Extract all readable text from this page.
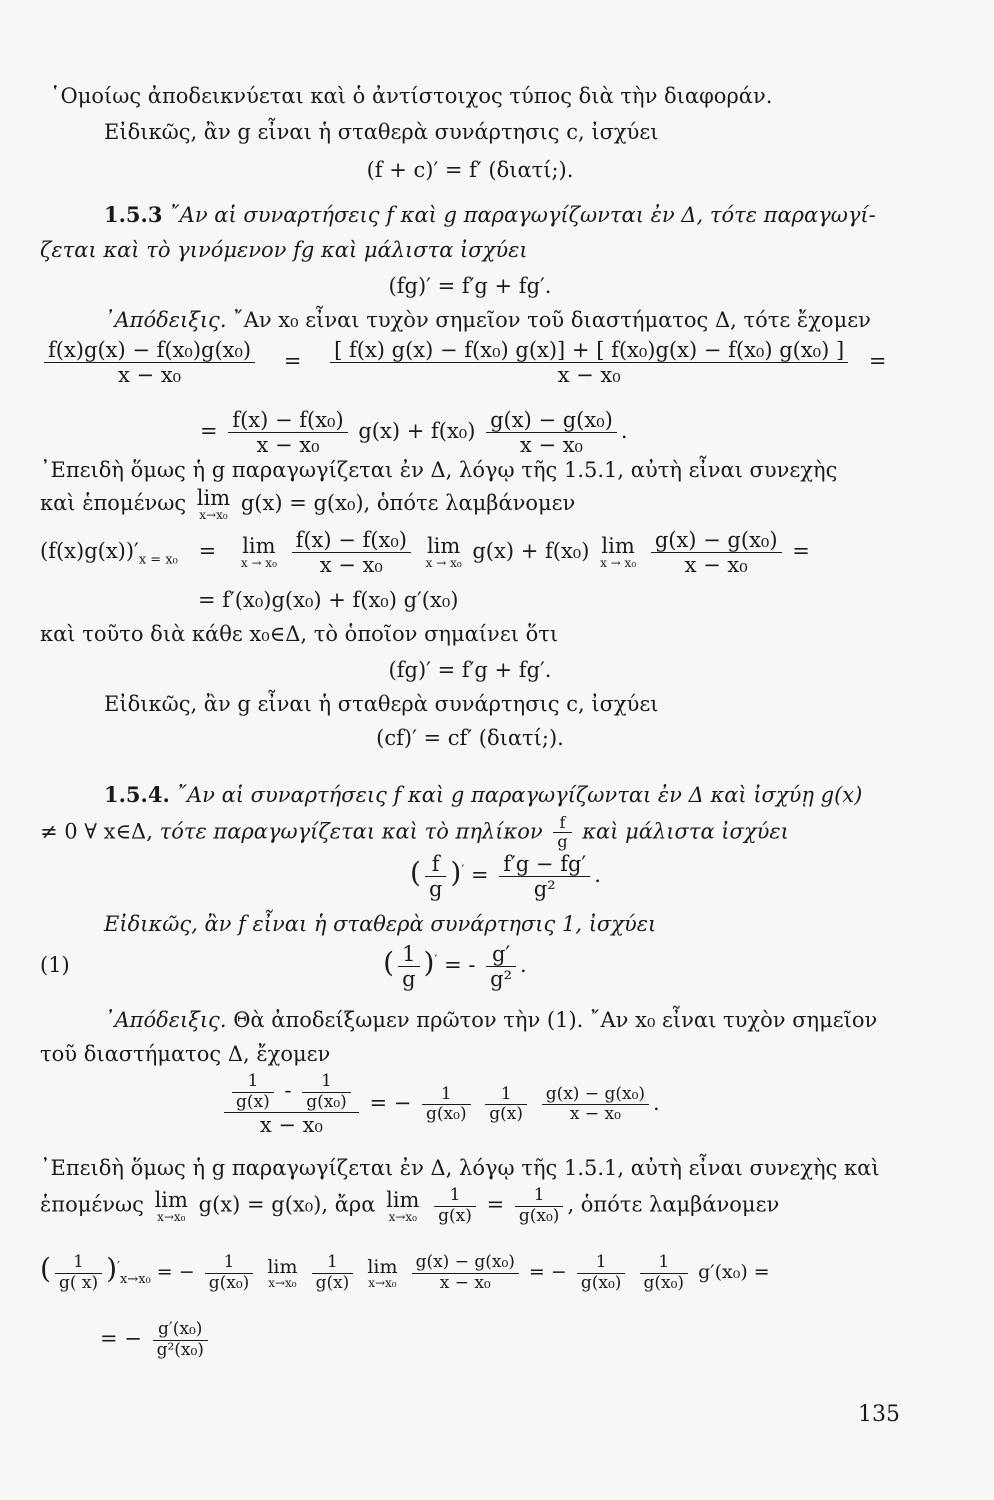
῾Ομοίως ἀποδεικνύεται καὶ ὁ ἀντίστοιχος τύπος διὰ τὴν διαφοράν.
Εἰδικῶς, ἂν g εἶναι ἡ σταθερὰ συνάρτησις c, ἰσχύει
(f + c)′ = f′ (διατί;).
1.5.3 ῎Αν αἱ συναρτήσεις f καὶ g παραγωγίζωνται ἐν Δ, τότε παραγωγί-
ζεται καὶ τὸ γινόμενον fg καὶ μάλιστα ἰσχύει
(fg)′ = f′g + fg′.
᾿Απόδειξις. ῎Αν x₀ εἶναι τυχὸν σημεῖον τοῦ διαστήματος Δ, τότε ἔχομεν
$\frac{\text{f(x)g(x) − f(x₀)g(x₀)}}{\text{x − x₀}} = \frac{\text{[ f(x) g(x) − f(x₀) g(x)] + [ f(x₀)g(x) − f(x₀) g(x₀) ]}}{\text{x − x₀}}$ =
= $\frac{\text{f(x) − f(x₀)}}{\text{x − x₀}} g(x) + f(x_0) \frac{\text{g(x) − g(x₀)}}{\text{x − x₀}}$ .
᾿Επειδὴ ὅμως ἡ g παραγωγίζεται ἐν Δ, λόγῳ τῆς 1.5.1, αὐτὴ εἶναι συνεχὴς
καὶ ἑπομένως lim
x→x₀ g(x) = g(x₀), ὁπότε λαμβάνομεν
$(f(x)g(x))'_{x = x_0} = \lim$
x → x₀
$\frac{\text{f(x) − f(x₀)}}{\text{x − x₀}}$ lim
x → x₀ g(x) + f(x₀) lim
x → x₀
$\frac{\text{g(x) − g(x₀)}}{\text{x − x₀}}$ =
= f′(x₀)g(x₀) + f(x₀) g′(x₀)
καὶ τοῦτο διὰ κάθε x₀∈Δ, τὸ ὁποῖον σημαίνει ὅτι
(fg)′ = f′g + fg′.
Εἰδικῶς, ἂν g εἶναι ἡ σταθερὰ συνάρτησις c, ἰσχύει
(cf)′ = cf′ (διατί;).
1.5.4. ῎Αν αἱ συναρτήσεις f καὶ g παραγωγίζωνται ἐν Δ καὶ ἰσχύῃ g(x)
≠ 0 ∀ x∈Δ, τότε παραγωγίζεται καὶ τὸ πηλίκον $\frac{f}{g}$ καὶ μάλιστα ἰσχύει
( $\frac{f}{g} )' = \frac{f'g - fg'}{\text{g²}}$ .
Εἰδικῶς, ἂν f εἶναι ἡ σταθερὰ συνάρτησις 1, ἰσχύει
(1)	( $\frac{1}{g} )'$ = - $\frac{g'}{\text{g²}}$ .
᾿Απόδειξις. Θὰ ἀποδείξωμεν πρῶτον τὴν (1). ῎Αν x₀ εἶναι τυχὸν σημεῖον
τοῦ διαστήματος Δ, ἔχομεν
$\frac{\frac{1}{g(x)} - \frac{1}{\text{g(x₀)}}}{\text{x − x₀}}$ = − $\frac{1}{\text{g(x₀)}}$
$\frac{1}{g(x)}$
$\frac{\text{g(x) − g(x₀)}}{\text{x − x₀}}$ .
᾿Επειδὴ ὅμως ἡ g παραγωγίζεται ἐν Δ, λόγῳ τῆς 1.5.1, αὐτὴ εἶναι συνεχὴς καὶ
ἑπομένως lim
x→x₀ g(x) = g(x₀), ἄρα lim
x→x₀
$\frac{1}{g(x)} = \frac{1}{\text{g(x₀)}}$ , ὁπότε λαμβάνομεν
( $\frac{1}{g( x)} )'_{x\to x_0}$ = − $\frac{1}{\text{g(x₀)}}$ lim
x→x₀
$\frac{1}{g(x)}$ lim
x→x₀
$\frac{\text{g(x) − g(x₀)}}{\text{x − x₀}}$ = − $\frac{1}{\text{g(x₀)}}$
$\frac{1}{\text{g(x₀)}} g'(x_0)$ =
= − $\frac{\text{g′(x₀)}}{\text{g²(x₀)}}$
135
